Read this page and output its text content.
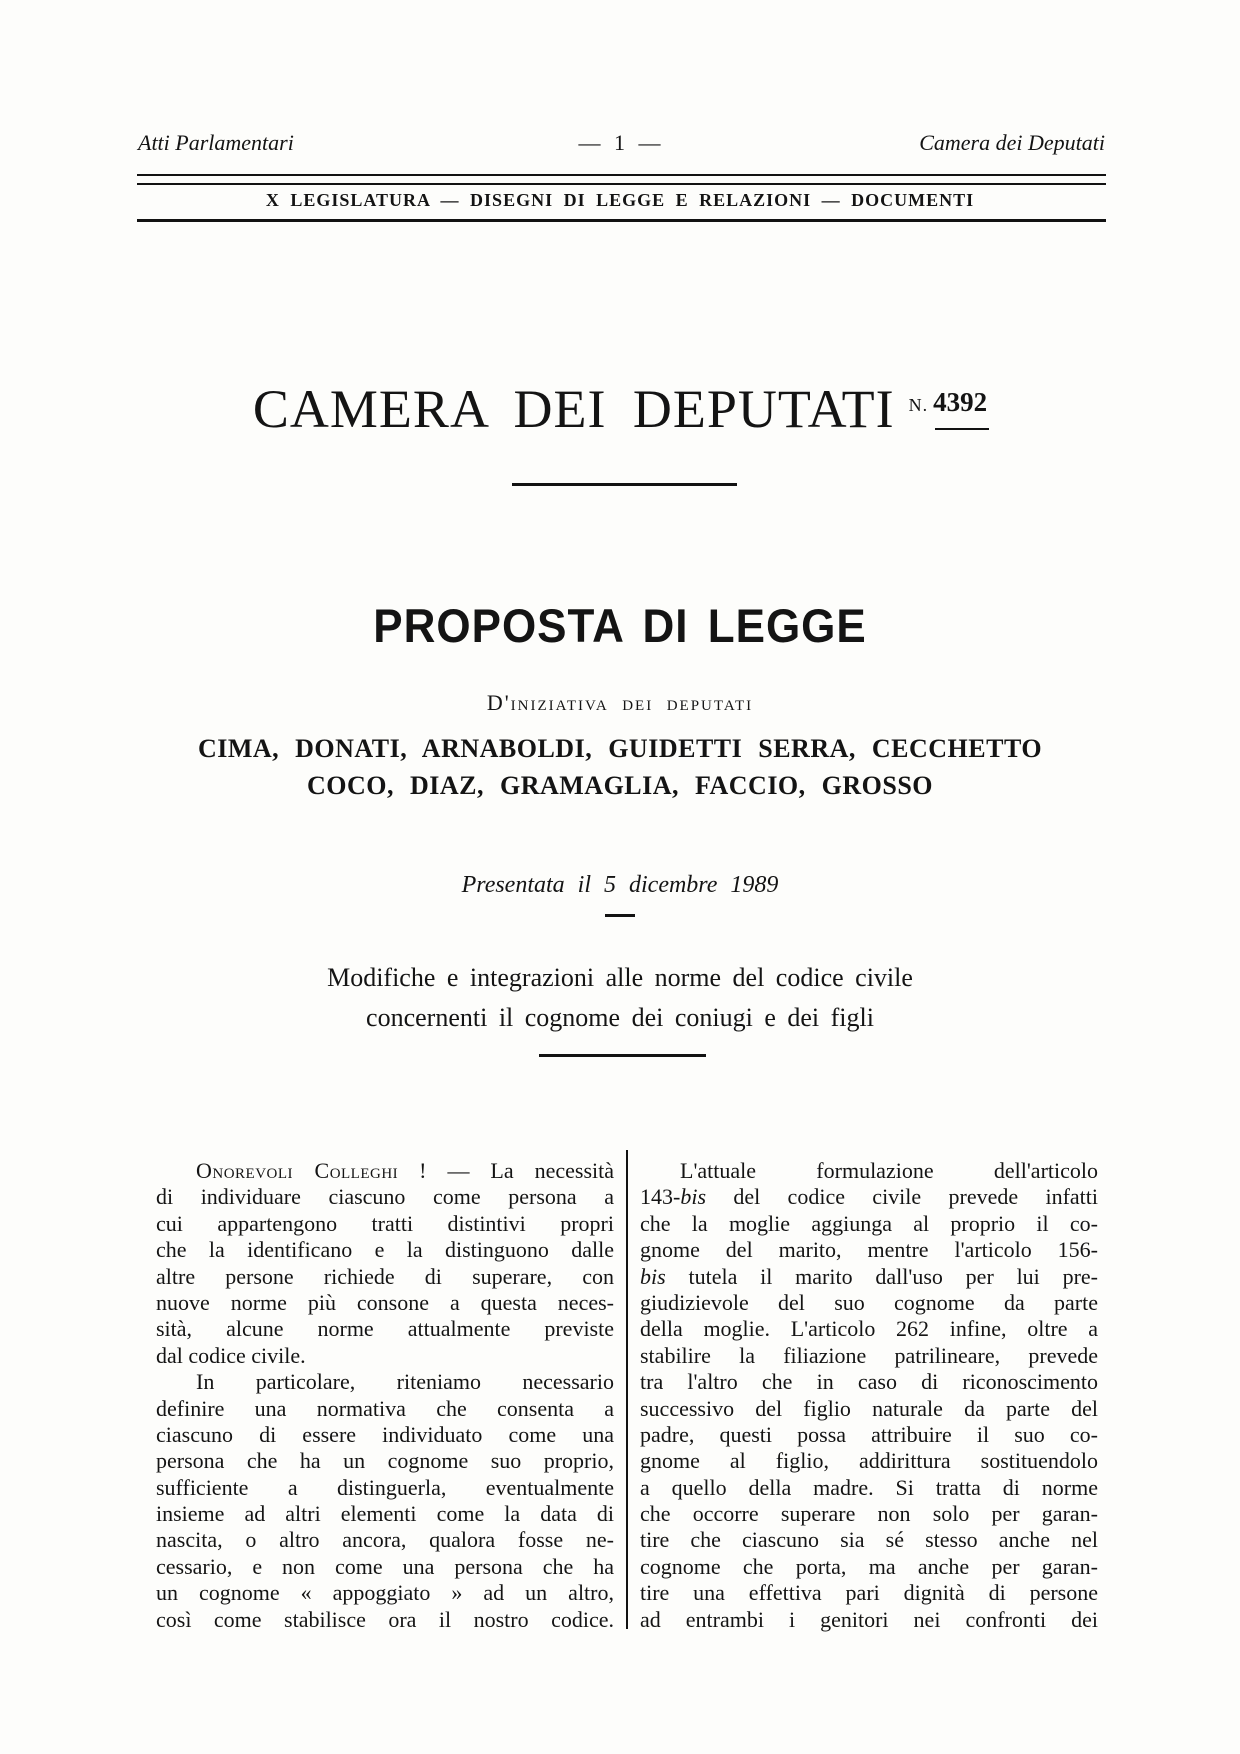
Atti Parlamentari	— 1 —	Camera dei Deputati
X LEGISLATURA — DISEGNI DI LEGGE E RELAZIONI — DOCUMENTI
CAMERA DEI DEPUTATI N. 4392
PROPOSTA DI LEGGE
D'iniziativa dei deputati
CIMA, DONATI, ARNABOLDI, GUIDETTI SERRA, CECCHETTO
COCO, DIAZ, GRAMAGLIA, FACCIO, GROSSO
Presentata il 5 dicembre 1989
Modifiche e integrazioni alle norme del codice civile
concernenti il cognome dei coniugi e dei figli
Onorevoli Colleghi ! — La necessità
di individuare ciascuno come persona a
cui appartengono tratti distintivi propri
che la identificano e la distinguono dalle
altre persone richiede di superare, con
nuove norme più consone a questa neces-
sità, alcune norme attualmente previste
dal codice civile.
In particolare, riteniamo necessario
definire una normativa che consenta a
ciascuno di essere individuato come una
persona che ha un cognome suo proprio,
sufficiente a distinguerla, eventualmente
insieme ad altri elementi come la data di
nascita, o altro ancora, qualora fosse ne-
cessario, e non come una persona che ha
un cognome « appoggiato » ad un altro,
così come stabilisce ora il nostro codice.
L'attuale formulazione dell'articolo
143-bis del codice civile prevede infatti
che la moglie aggiunga al proprio il co-
gnome del marito, mentre l'articolo 156-
bis tutela il marito dall'uso per lui pre-
giudizievole del suo cognome da parte
della moglie. L'articolo 262 infine, oltre a
stabilire la filiazione patrilineare, prevede
tra l'altro che in caso di riconoscimento
successivo del figlio naturale da parte del
padre, questi possa attribuire il suo co-
gnome al figlio, addirittura sostituendolo
a quello della madre. Si tratta di norme
che occorre superare non solo per garan-
tire che ciascuno sia sé stesso anche nel
cognome che porta, ma anche per garan-
tire una effettiva pari dignità di persone
ad entrambi i genitori nei confronti dei
